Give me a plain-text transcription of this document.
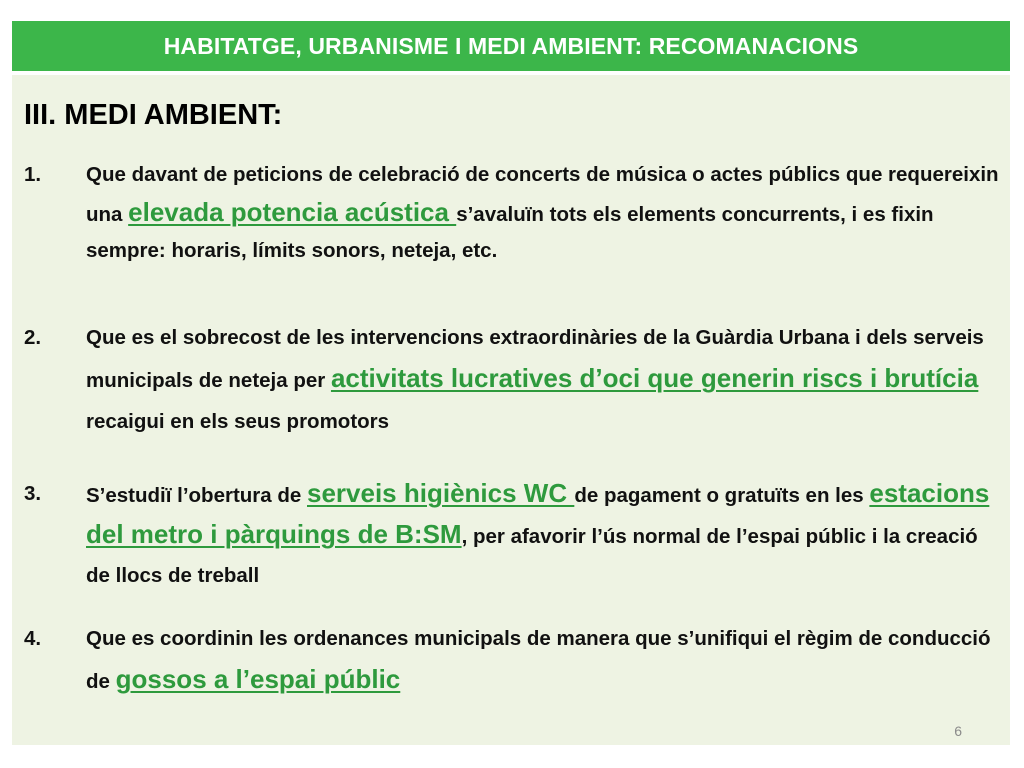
HABITATGE, URBANISME I MEDI AMBIENT: RECOMANACIONS
III. MEDI AMBIENT:
1. Que davant de peticions de celebració de concerts de música o actes públics que requereixin una elevada potencia acústica s’avaluïn tots els elements concurrents, i es fixin sempre: horaris, límits sonors, neteja, etc.
2. Que es el sobrecost de les intervencions extraordinàries de la Guàrdia Urbana i dels serveis municipals de neteja per activitats lucratives d’oci que generin riscs i brutícia recaigui en els seus promotors
3. S’estudiï l’obertura de serveis higiènics WC de pagament o gratuïts en les estacions del metro i pàrquings de B:SM, per afavorir l’ús normal de l’espai públic i la creació de llocs de treball
4. Que es coordinin les ordenances municipals de manera que s’unifiqui el règim de conducció de gossos a l’espai públic
6
